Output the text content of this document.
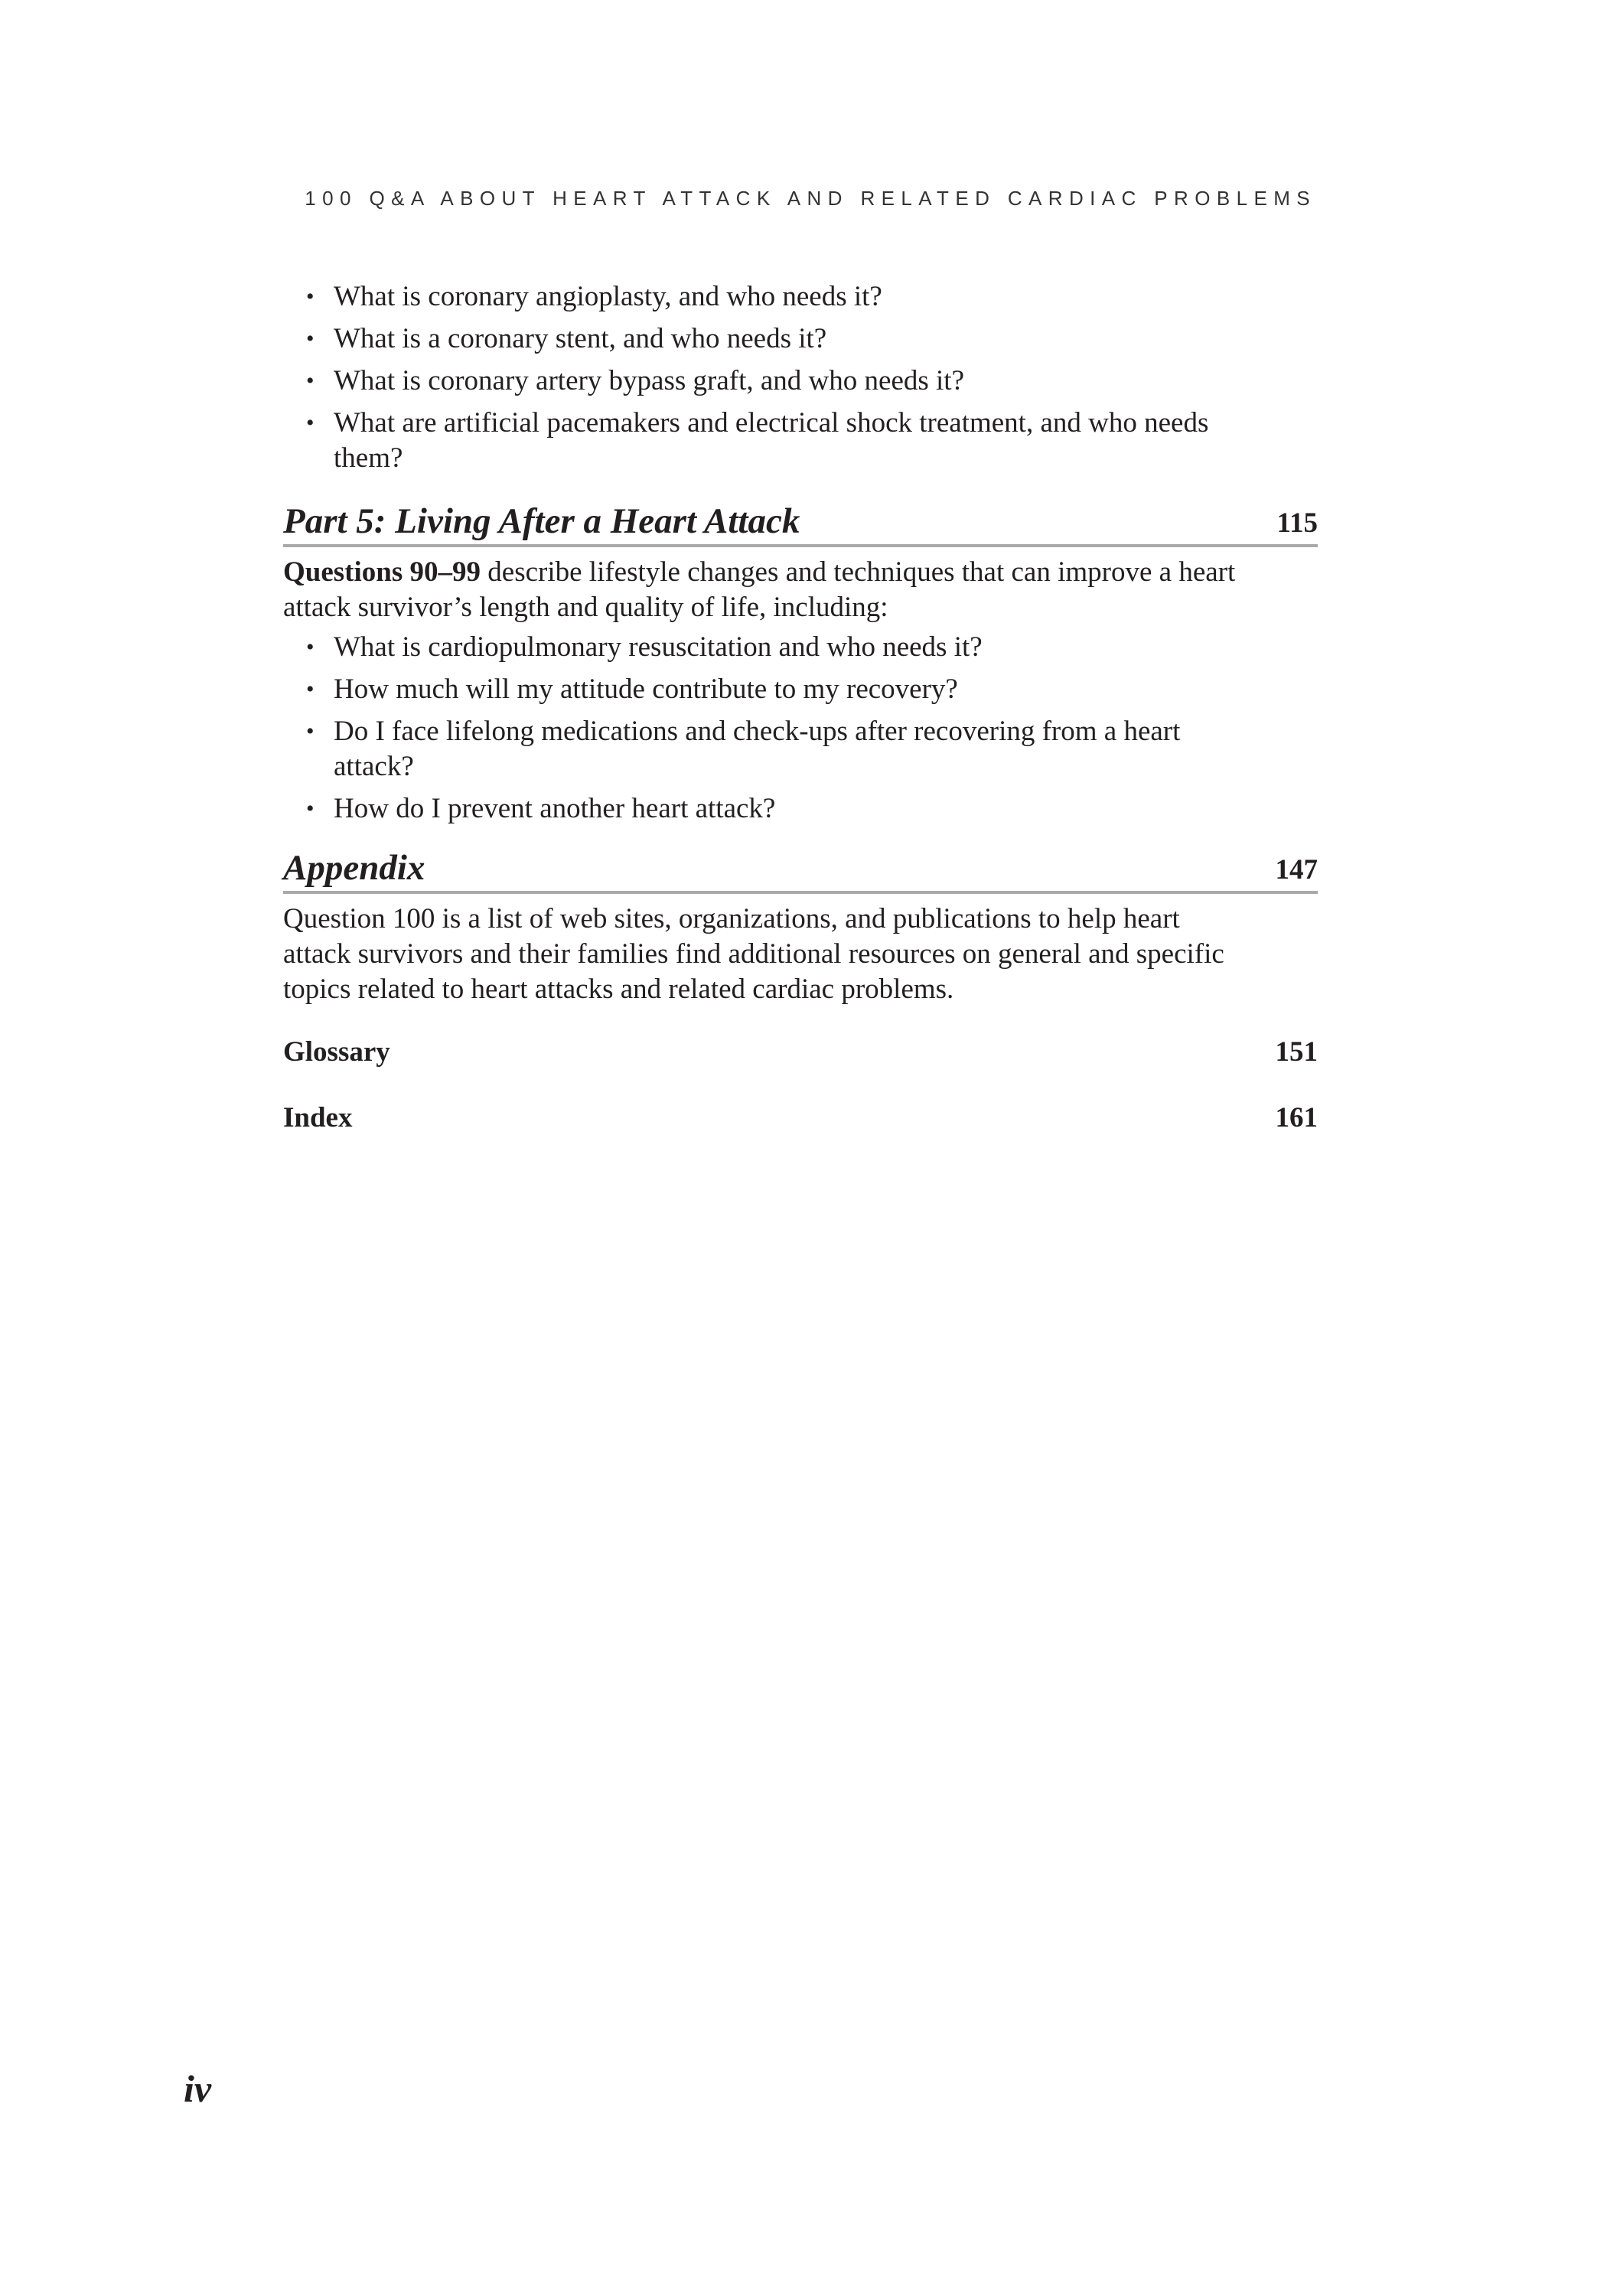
100 Q&A ABOUT HEART ATTACK AND RELATED CARDIAC PROBLEMS
• What is coronary angioplasty, and who needs it?
• What is a coronary stent, and who needs it?
• What is coronary artery bypass graft, and who needs it?
• What are artificial pacemakers and electrical shock treatment, and who needs
them?
Part 5: Living After a Heart Attack	115

Questions 90–99 describe lifestyle changes and techniques that can improve a heart
attack survivor’s length and quality of life, including:

• What is cardiopulmonary resuscitation and who needs it?
• How much will my attitude contribute to my recovery?
• Do I face lifelong medications and check-ups after recovering from a heart
attack?
• How do I prevent another heart attack?
Appendix	147

Question 100 is a list of web sites, organizations, and publications to help heart
attack survivors and their families find additional resources on general and specific
topics related to heart attacks and related cardiac problems.

Glossary	151
Index	161
iv
